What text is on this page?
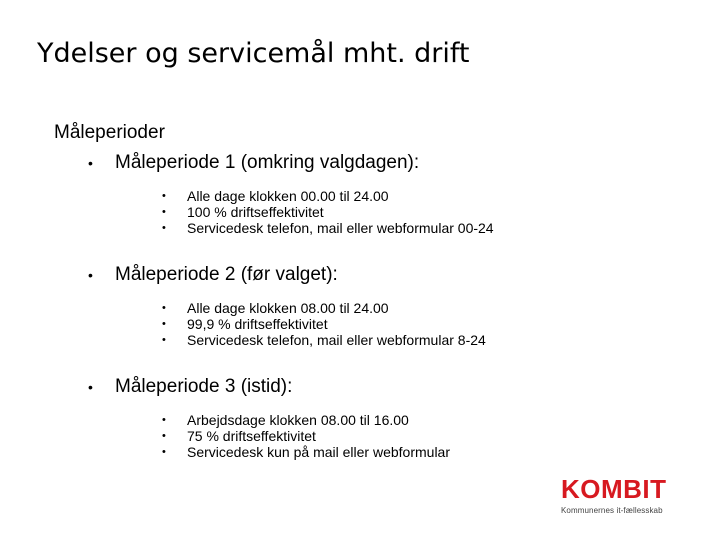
Ydelser og servicemål mht. drift
Måleperioder
•	Måleperiode 1 (omkring valgdagen):
•	Alle dage klokken 00.00 til 24.00
•	100 % driftseffektivitet
•	Servicedesk telefon, mail eller webformular 00-24
•	Måleperiode 2 (før valget):
•	Alle dage klokken 08.00 til 24.00
•	99,9 % driftseffektivitet
•	Servicedesk telefon, mail eller webformular 8-24
•	Måleperiode 3 (istid):
•	Arbejdsdage klokken 08.00 til 16.00
•	75 % driftseffektivitet
•	Servicedesk kun på mail eller webformular
KOMBIT
Kommunernes it-fællesskab
